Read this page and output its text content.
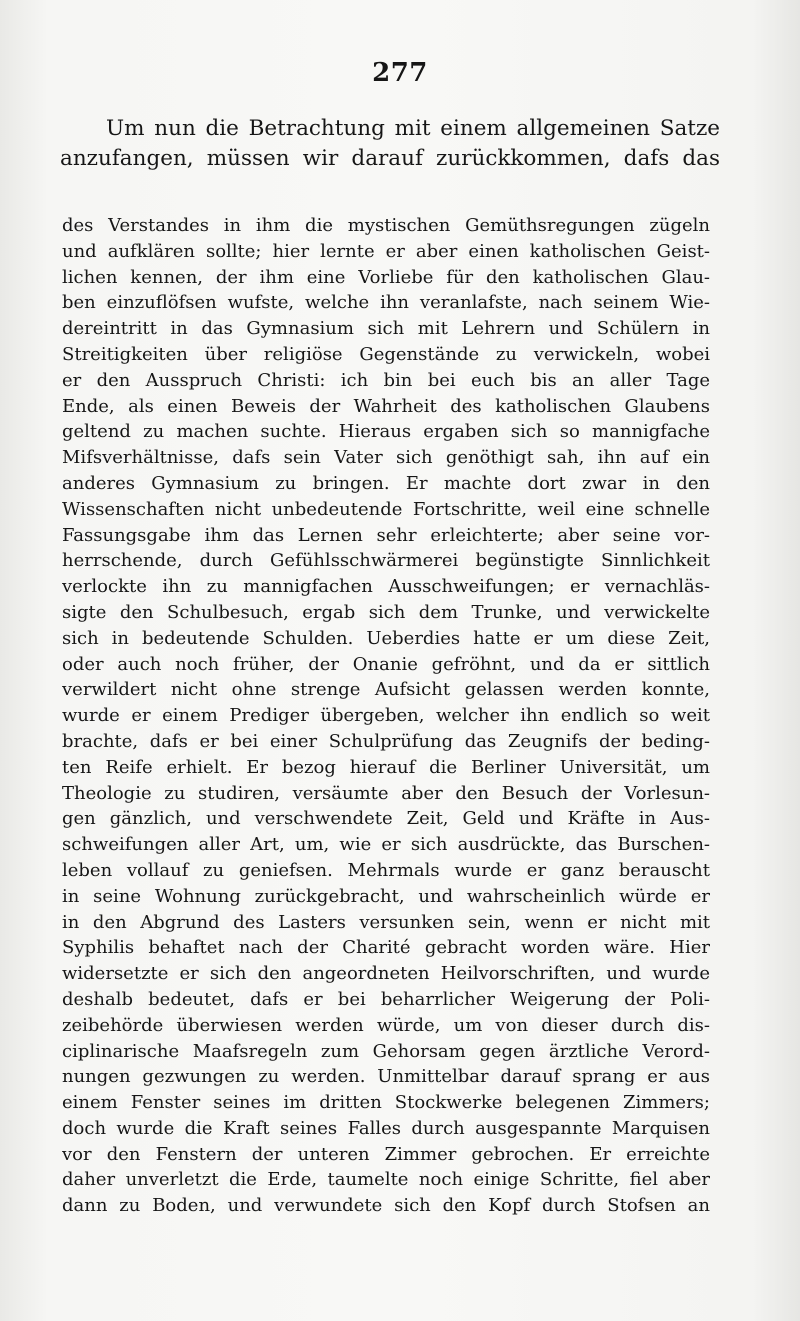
277
Um nun die Betrachtung mit einem allgemeinen Satze
anzufangen, müssen wir darauf zurückkommen, dafs das
des Verstandes in ihm die mystischen Gemüthsregungen zügeln
und aufklären sollte; hier lernte er aber einen katholischen Geist-
lichen kennen, der ihm eine Vorliebe für den katholischen Glau-
ben einzuflöfsen wufste, welche ihn veranlafste, nach seinem Wie-
dereintritt in das Gymnasium sich mit Lehrern und Schülern in
Streitigkeiten über religiöse Gegenstände zu verwickeln, wobei
er den Ausspruch Christi: ich bin bei euch bis an aller Tage
Ende, als einen Beweis der Wahrheit des katholischen Glaubens
geltend zu machen suchte. Hieraus ergaben sich so mannigfache
Mifsverhältnisse, dafs sein Vater sich genöthigt sah, ihn auf ein
anderes Gymnasium zu bringen. Er machte dort zwar in den
Wissenschaften nicht unbedeutende Fortschritte, weil eine schnelle
Fassungsgabe ihm das Lernen sehr erleichterte; aber seine vor-
herrschende, durch Gefühlsschwärmerei begünstigte Sinnlichkeit
verlockte ihn zu mannigfachen Ausschweifungen; er vernachläs-
sigte den Schulbesuch, ergab sich dem Trunke, und verwickelte
sich in bedeutende Schulden. Ueberdies hatte er um diese Zeit,
oder auch noch früher, der Onanie gefröhnt, und da er sittlich
verwildert nicht ohne strenge Aufsicht gelassen werden konnte,
wurde er einem Prediger übergeben, welcher ihn endlich so weit
brachte, dafs er bei einer Schulprüfung das Zeugnifs der beding-
ten Reife erhielt. Er bezog hierauf die Berliner Universität, um
Theologie zu studiren, versäumte aber den Besuch der Vorlesun-
gen gänzlich, und verschwendete Zeit, Geld und Kräfte in Aus-
schweifungen aller Art, um, wie er sich ausdrückte, das Burschen-
leben vollauf zu geniefsen. Mehrmals wurde er ganz berauscht
in seine Wohnung zurückgebracht, und wahrscheinlich würde er
in den Abgrund des Lasters versunken sein, wenn er nicht mit
Syphilis behaftet nach der Charité gebracht worden wäre. Hier
widersetzte er sich den angeordneten Heilvorschriften, und wurde
deshalb bedeutet, dafs er bei beharrlicher Weigerung der Poli-
zeibehörde überwiesen werden würde, um von dieser durch dis-
ciplinarische Maafsregeln zum Gehorsam gegen ärztliche Verord-
nungen gezwungen zu werden. Unmittelbar darauf sprang er aus
einem Fenster seines im dritten Stockwerke belegenen Zimmers;
doch wurde die Kraft seines Falles durch ausgespannte Marquisen
vor den Fenstern der unteren Zimmer gebrochen. Er erreichte
daher unverletzt die Erde, taumelte noch einige Schritte, fiel aber
dann zu Boden, und verwundete sich den Kopf durch Stofsen an
